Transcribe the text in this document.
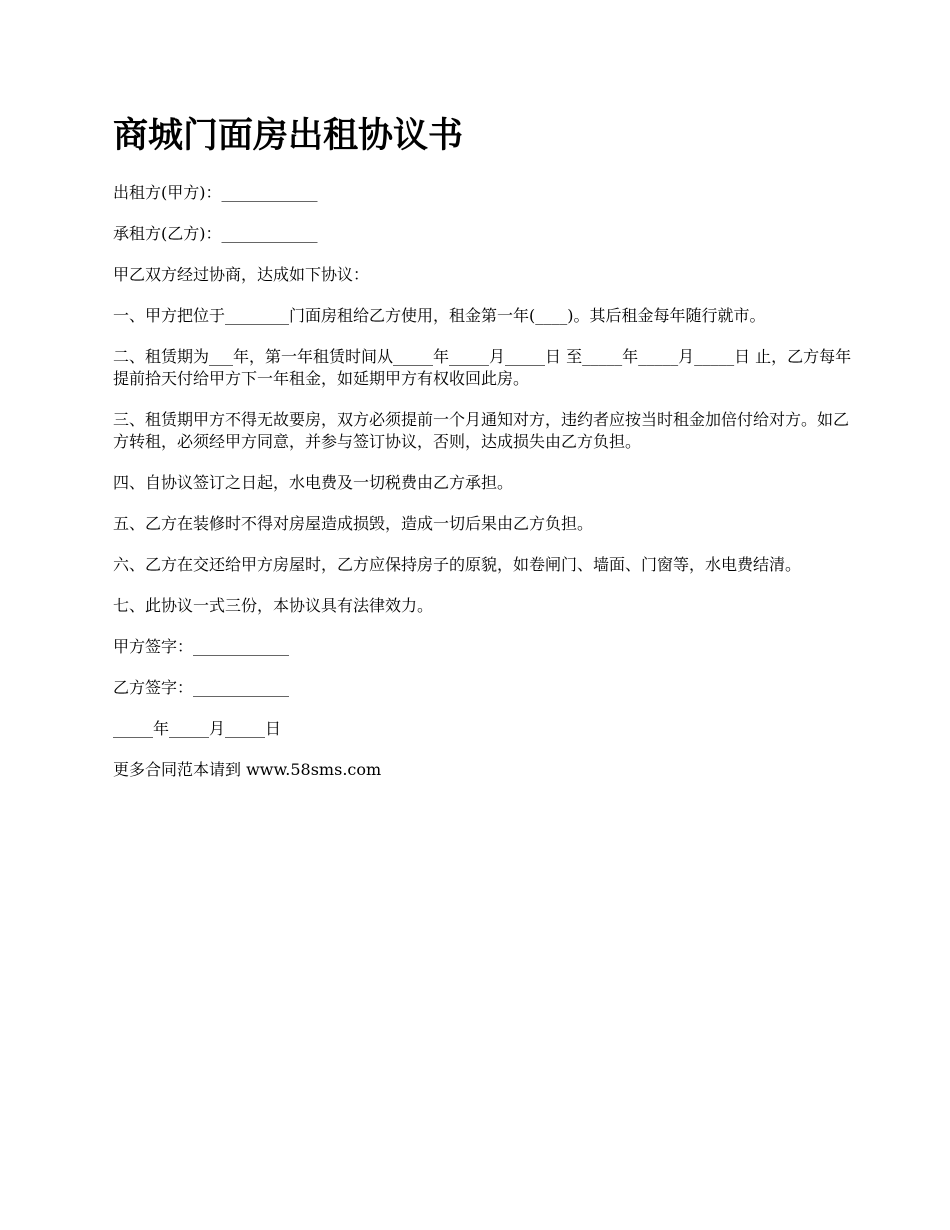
商城门面房出租协议书

出租方(甲方)：____________

承租方(乙方)：____________

甲乙双方经过协商，达成如下协议：

一、甲方把位于________门面房租给乙方使用，租金第一年(____)。其后租金每年随行就市。

二、租赁期为___年，第一年租赁时间从_____年_____月_____日 至_____年_____月_____日 止，乙方每年提前拾天付给甲方下一年租金，如延期甲方有权收回此房。

三、租赁期甲方不得无故要房，双方必须提前一个月通知对方，违约者应按当时租金加倍付给对方。如乙方转租，必须经甲方同意，并参与签订协议，否则，达成损失由乙方负担。

四、自协议签订之日起，水电费及一切税费由乙方承担。

五、乙方在装修时不得对房屋造成损毁，造成一切后果由乙方负担。

六、乙方在交还给甲方房屋时，乙方应保持房子的原貌，如卷闸门、墙面、门窗等，水电费结清。

七、此协议一式三份，本协议具有法律效力。

甲方签字：____________

乙方签字：____________

_____年_____月_____日

更多合同范本请到 www.58sms.com
